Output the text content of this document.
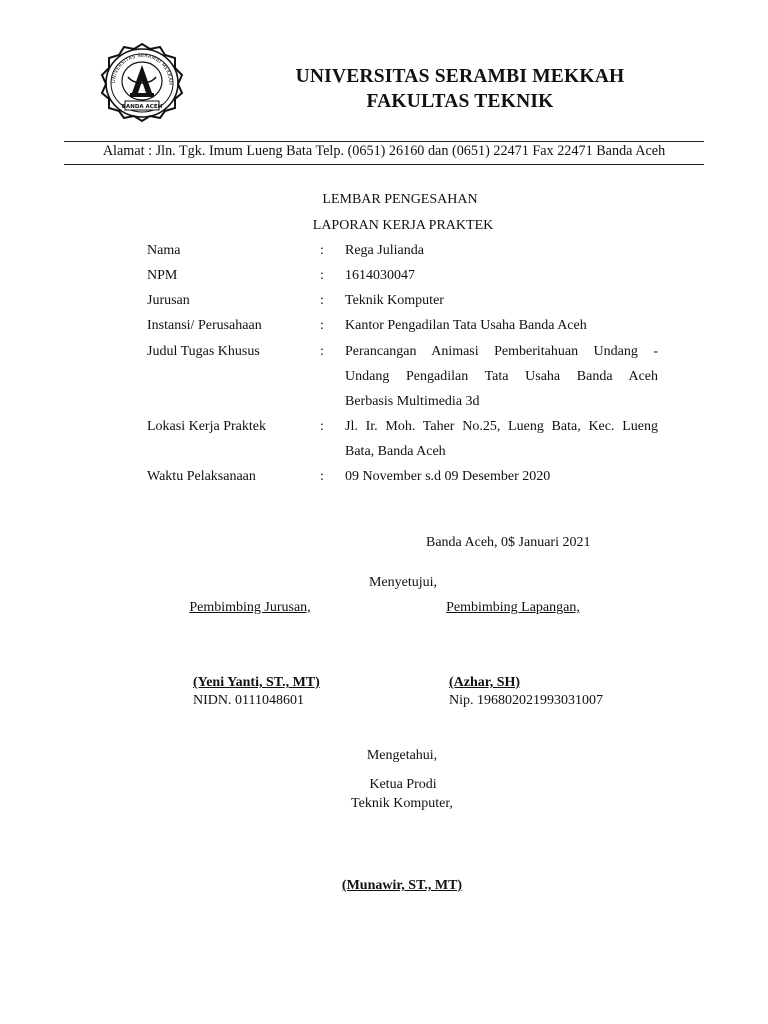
UNIVERSITAS SERAMBI MEKKAH
BANDA ACEH
UNIVERSITAS SERAMBI MEKKAH
FAKULTAS TEKNIK
Alamat : Jln. Tgk. Imum Lueng Bata Telp. (0651) 26160 dan (0651) 22471 Fax 22471 Banda Aceh
LEMBAR PENGESAHAN
LAPORAN KERJA PRAKTEK
Nama	: Rega Julianda
NPM	: 1614030047
Jurusan	: Teknik Komputer
Instansi/ Perusahaan	: Kantor Pengadilan Tata Usaha Banda Aceh
Judul Tugas Khusus	: Perancangan Animasi Pemberitahuan Undang -
Undang Pengadilan Tata Usaha Banda Aceh
Berbasis Multimedia 3d
Lokasi Kerja Praktek	: Jl. Ir. Moh. Taher No.25, Lueng Bata, Kec. Lueng
Bata, Banda Aceh
Waktu Pelaksanaan	: 09 November s.d 09 Desember 2020
Banda Aceh, 0$ Januari 2021
Menyetujui,
Pembimbing Jurusan,	Pembimbing Lapangan,
(Yeni Yanti, ST., MT)
NIDN. 0111048601
(Azhar, SH)
Nip. 196802021993031007
Mengetahui,
Ketua Prodi
Teknik Komputer,
(Munawir, ST., MT)
